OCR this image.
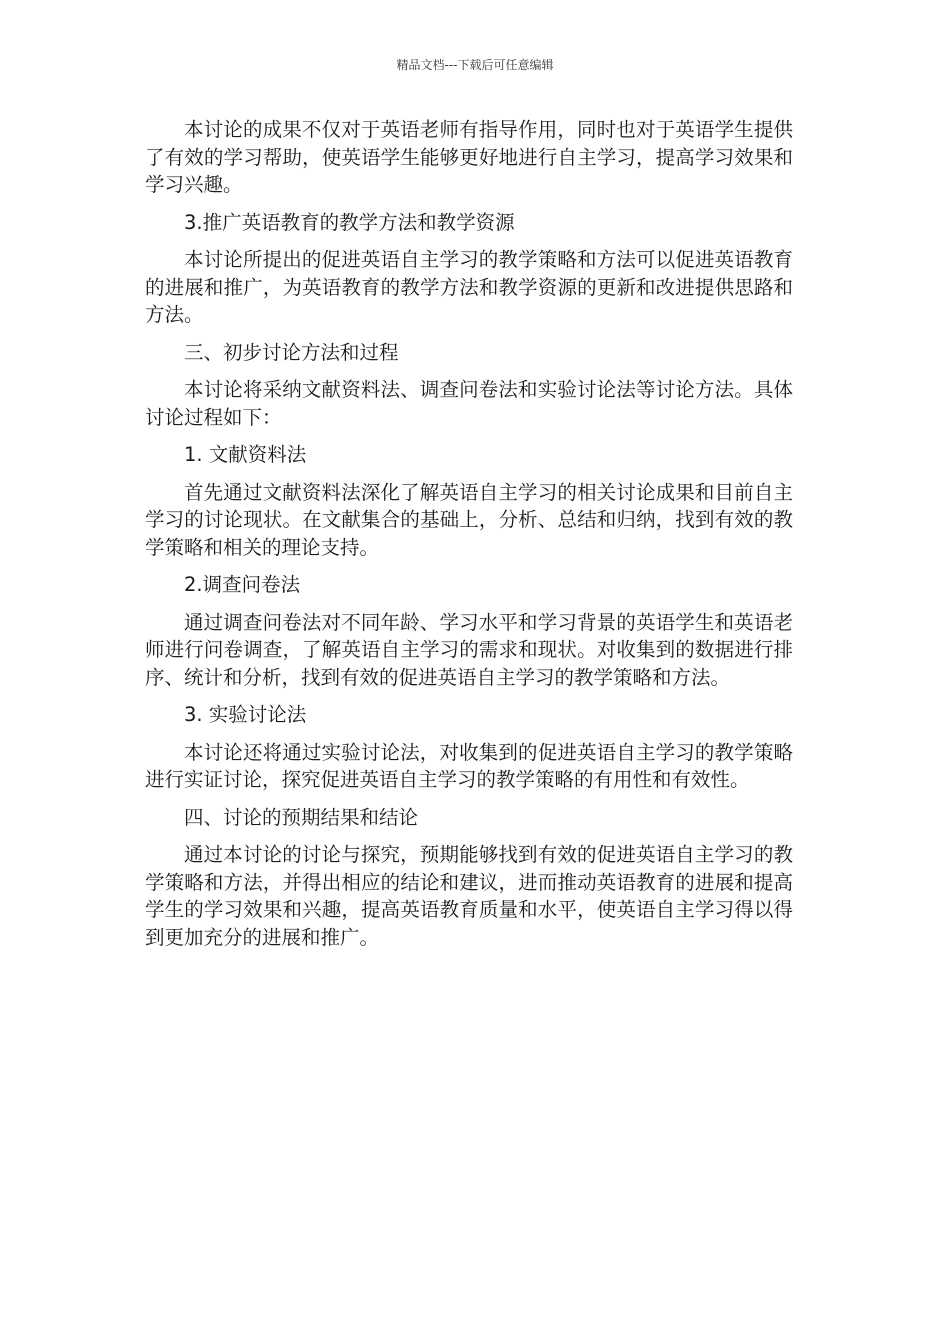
精品文档---下载后可任意编辑

本讨论的成果不仅对于英语老师有指导作用，同时也对于英语学生提供了有效的学习帮助，使英语学生能够更好地进行自主学习，提高学习效果和学习兴趣。

3.推广英语教育的教学方法和教学资源

本讨论所提出的促进英语自主学习的教学策略和方法可以促进英语教育的进展和推广，为英语教育的教学方法和教学资源的更新和改进提供思路和方法。

三、初步讨论方法和过程

本讨论将采纳文献资料法、调查问卷法和实验讨论法等讨论方法。具体讨论过程如下：

1. 文献资料法

首先通过文献资料法深化了解英语自主学习的相关讨论成果和目前自主学习的讨论现状。在文献集合的基础上，分析、总结和归纳，找到有效的教学策略和相关的理论支持。

2.调查问卷法

通过调查问卷法对不同年龄、学习水平和学习背景的英语学生和英语老师进行问卷调查，了解英语自主学习的需求和现状。对收集到的数据进行排序、统计和分析，找到有效的促进英语自主学习的教学策略和方法。

3. 实验讨论法

本讨论还将通过实验讨论法，对收集到的促进英语自主学习的教学策略进行实证讨论，探究促进英语自主学习的教学策略的有用性和有效性。

四、讨论的预期结果和结论

通过本讨论的讨论与探究，预期能够找到有效的促进英语自主学习的教学策略和方法，并得出相应的结论和建议，进而推动英语教育的进展和提高学生的学习效果和兴趣，提高英语教育质量和水平，使英语自主学习得以得到更加充分的进展和推广。
